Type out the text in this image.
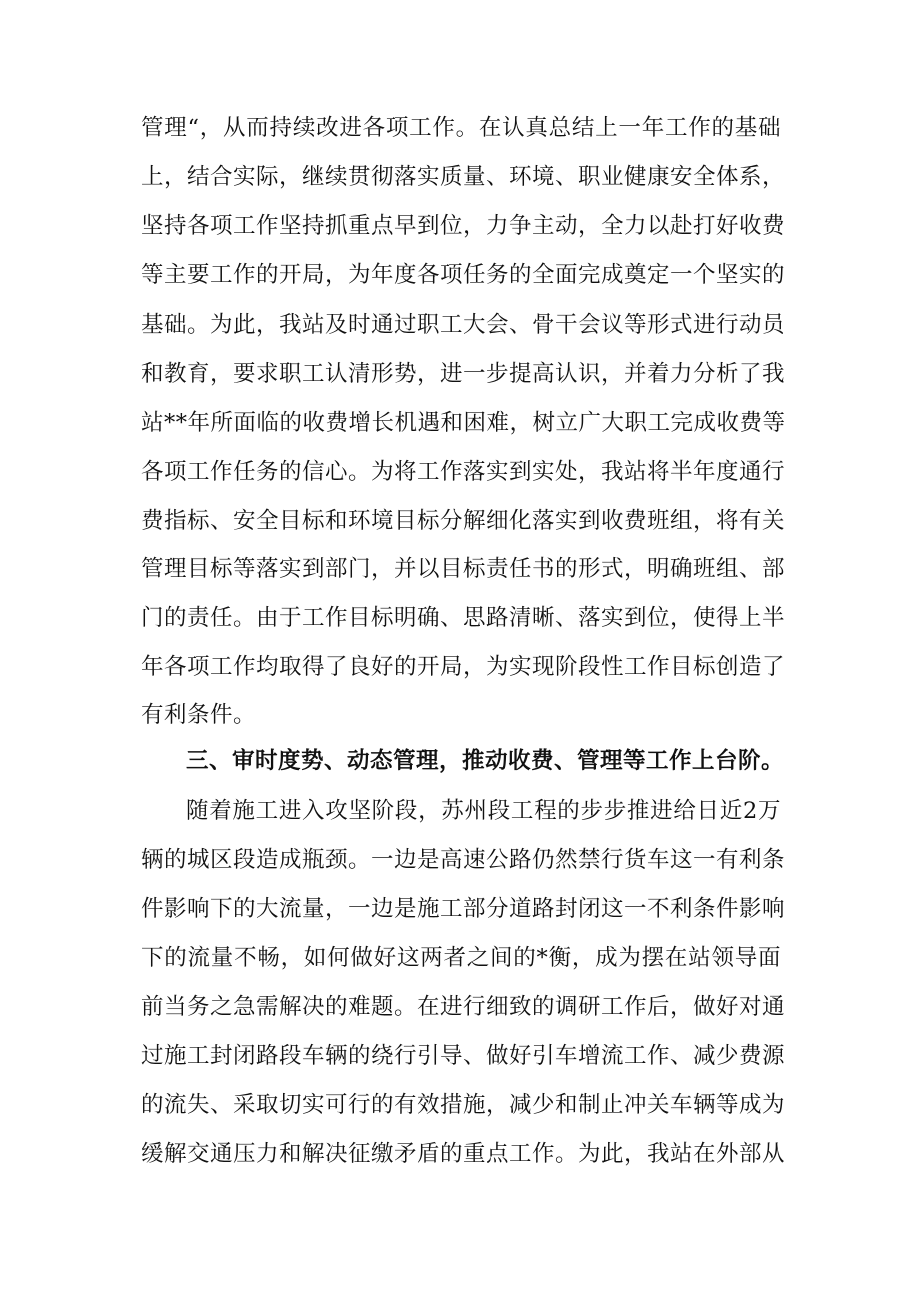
管理“，从而持续改进各项工作。在认真总结上一年工作的基础
上，结合实际，继续贯彻落实质量、环境、职业健康安全体系，
坚持各项工作坚持抓重点早到位，力争主动，全力以赴打好收费
等主要工作的开局，为年度各项任务的全面完成奠定一个坚实的
基础。为此，我站及时通过职工大会、骨干会议等形式进行动员
和教育，要求职工认清形势，进一步提高认识，并着力分析了我
站**年所面临的收费增长机遇和困难，树立广大职工完成收费等
各项工作任务的信心。为将工作落实到实处，我站将半年度通行
费指标、安全目标和环境目标分解细化落实到收费班组，将有关
管理目标等落实到部门，并以目标责任书的形式，明确班组、部
门的责任。由于工作目标明确、思路清晰、落实到位，使得上半
年各项工作均取得了良好的开局，为实现阶段性工作目标创造了
有利条件。
三、审时度势、动态管理，推动收费、管理等工作上台阶。
随着施工进入攻坚阶段，苏州段工程的步步推进给日近2万
辆的城区段造成瓶颈。一边是高速公路仍然禁行货车这一有利条
件影响下的大流量，一边是施工部分道路封闭这一不利条件影响
下的流量不畅，如何做好这两者之间的*衡，成为摆在站领导面
前当务之急需解决的难题。在进行细致的调研工作后，做好对通
过施工封闭路段车辆的绕行引导、做好引车增流工作、减少费源
的流失、采取切实可行的有效措施，减少和制止冲关车辆等成为
缓解交通压力和解决征缴矛盾的重点工作。为此，我站在外部从
